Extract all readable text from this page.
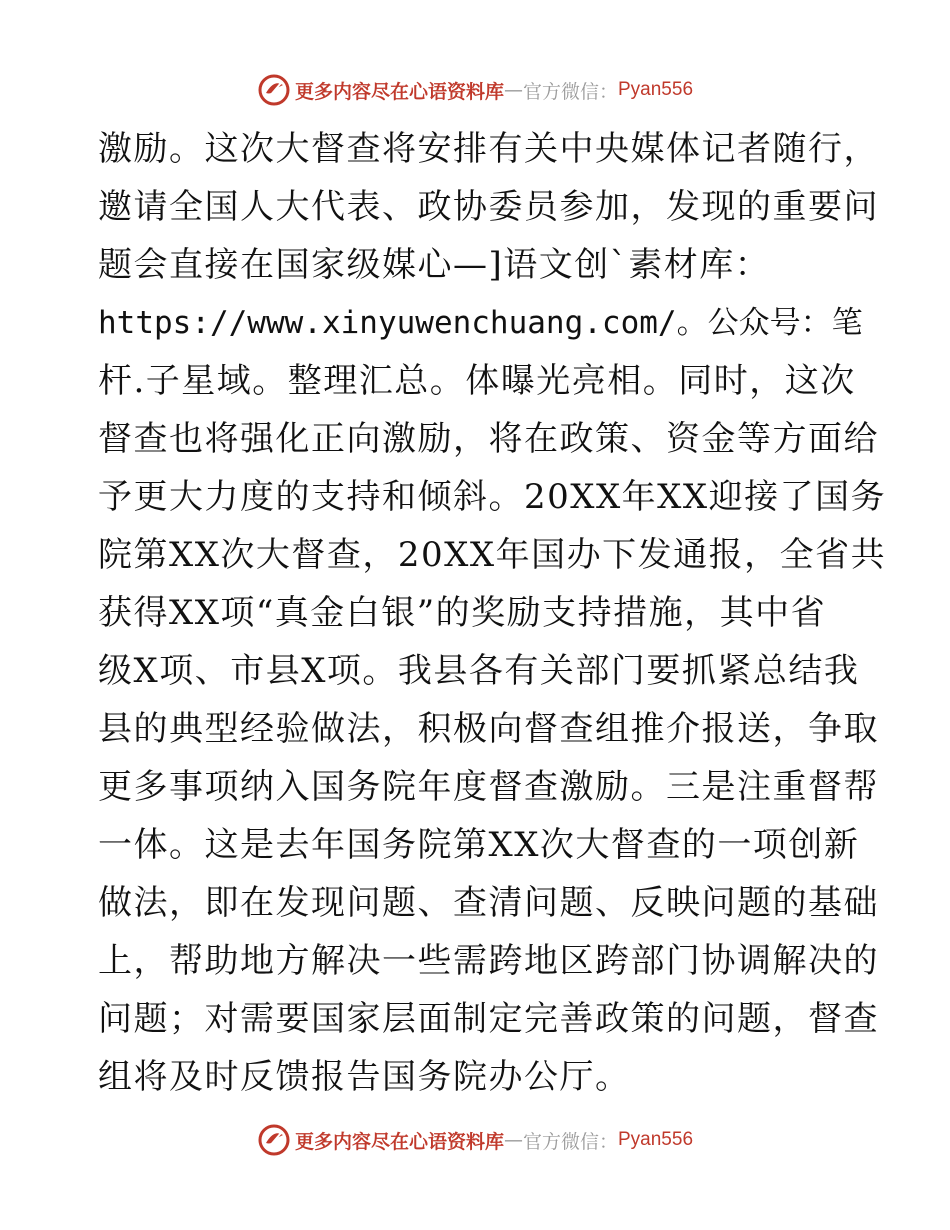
更多内容尽在心语资料库 — 官方微信： Pyan556
激励。这次大督查将安排有关中央媒体记者随行，
邀请全国人大代表、政协委员参加，发现的重要问
题会直接在国家级媒心—]语文创`素材库：
https://www.xinyuwenchuang.com/。公众号：笔
杆.子星域。整理汇总。体曝光亮相。同时，这次
督查也将强化正向激励，将在政策、资金等方面给
予更大力度的支持和倾斜。20XX年XX迎接了国务
院第XX次大督查，20XX年国办下发通报，全省共
获得XX项“真金白银”的奖励支持措施，其中省
级X项、市县X项。我县各有关部门要抓紧总结我
县的典型经验做法，积极向督查组推介报送，争取
更多事项纳入国务院年度督查激励。三是注重督帮
一体。这是去年国务院第XX次大督查的一项创新
做法，即在发现问题、查清问题、反映问题的基础
上，帮助地方解决一些需跨地区跨部门协调解决的
问题；对需要国家层面制定完善政策的问题，督查
组将及时反馈报告国务院办公厅。
更多内容尽在心语资料库 — 官方微信： Pyan556
